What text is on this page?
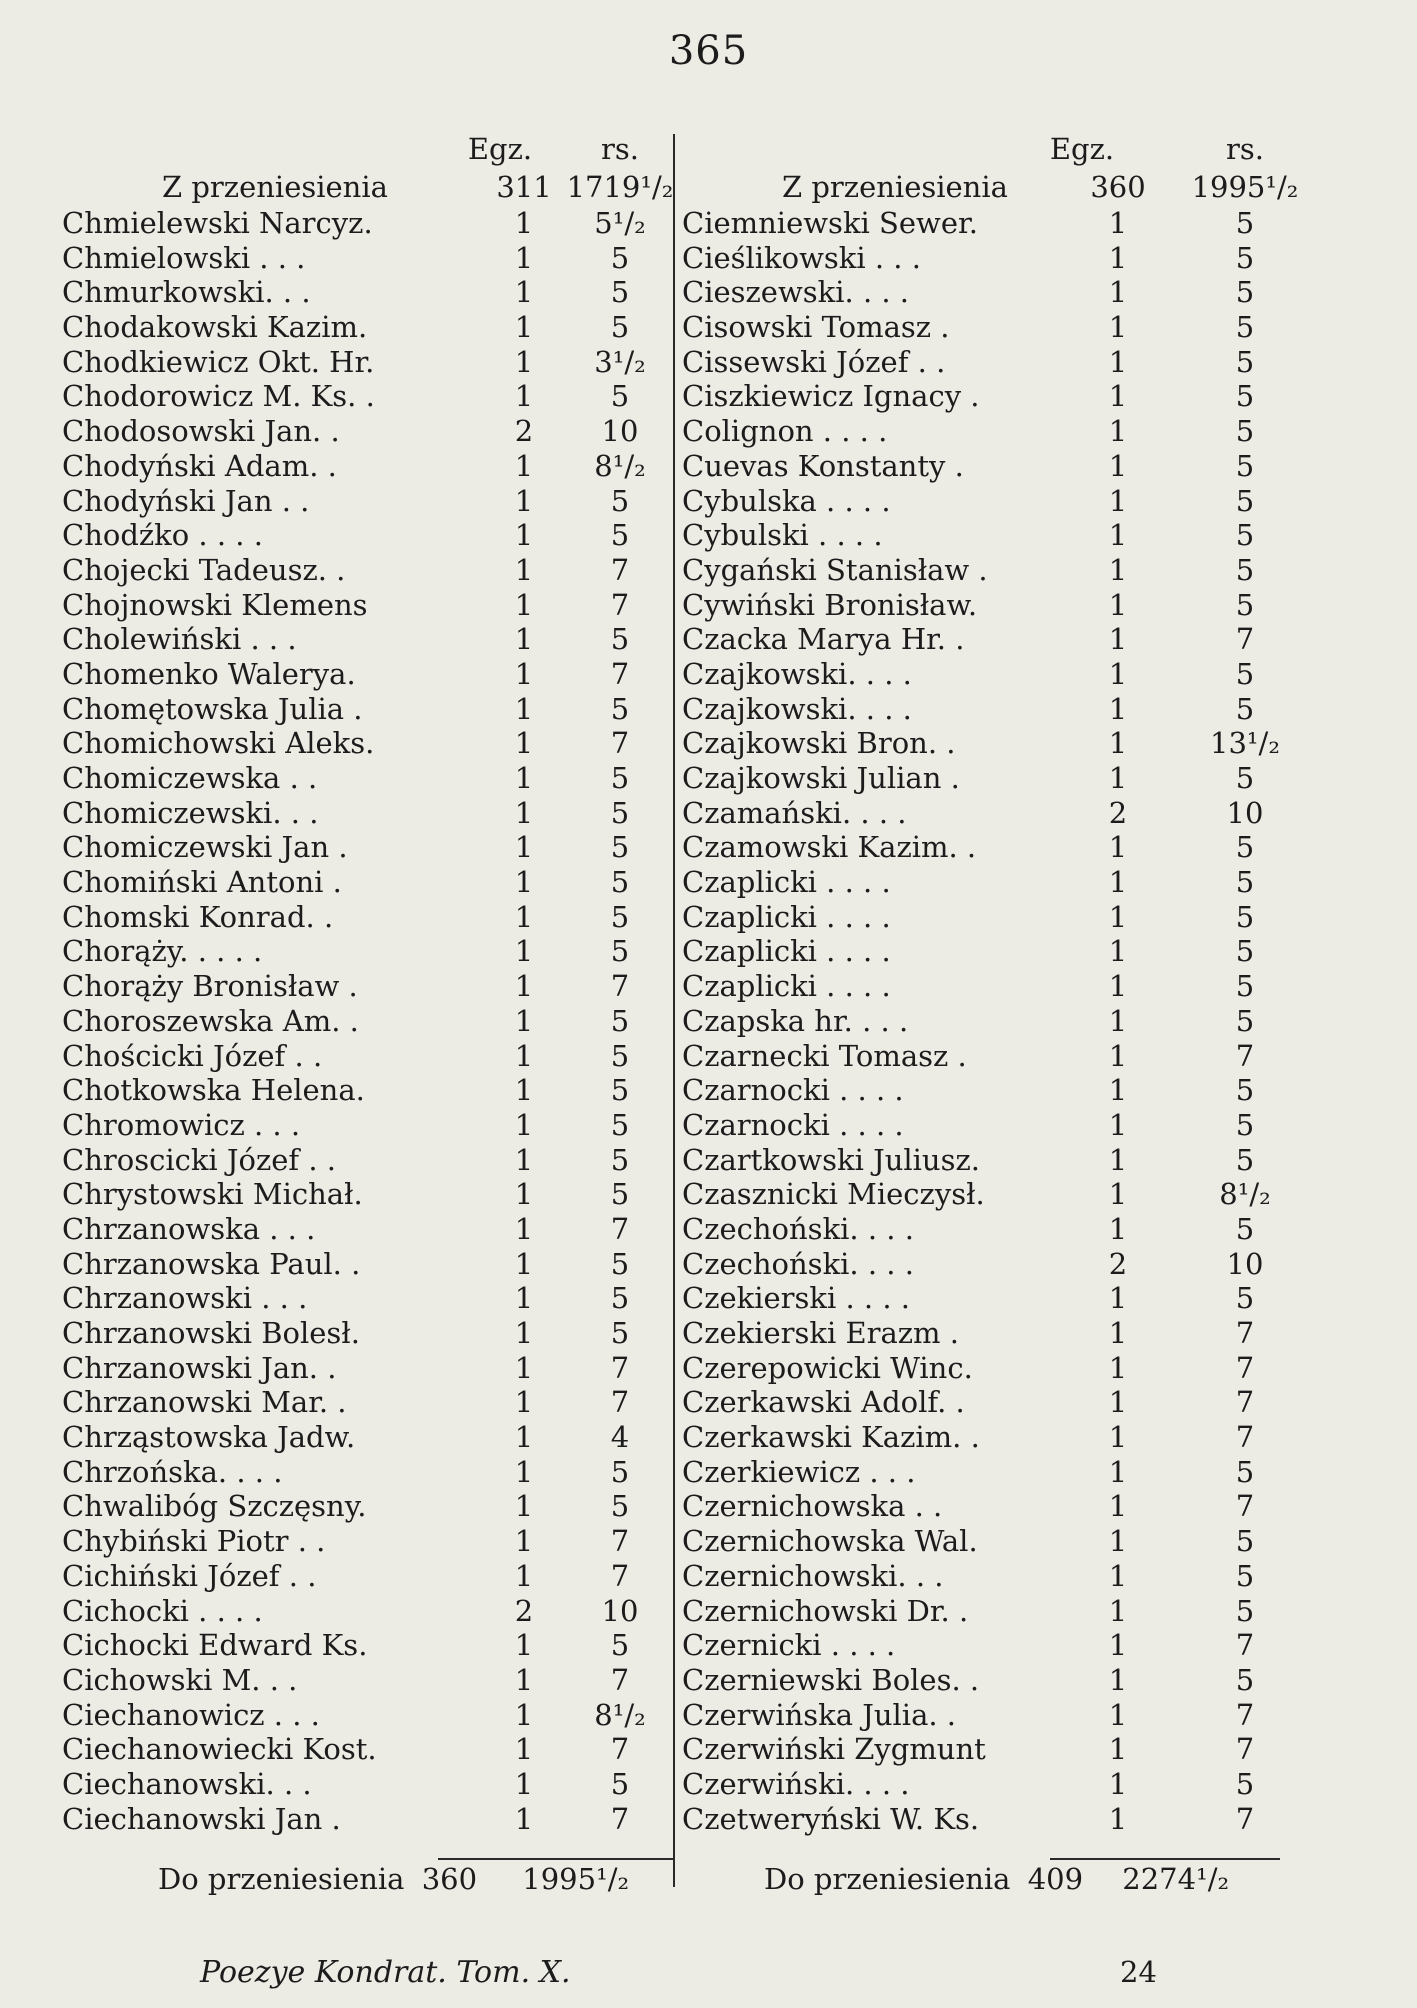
365
Egz.	rs.
Z przeniesienia	311 1719¹/₂
Chmielewski Narcyz.	1	5¹/₂
Chmielowski . . .	1	5
Chmurkowski. . .	1	5
Chodakowski Kazim.	1	5
Chodkiewicz Okt. Hr.	1	3¹/₂
Chodorowicz M. Ks. .	1	5
Chodosowski Jan. .	2	10
Chodyński Adam. .	1	8¹/₂
Chodyński Jan . .	1	5
Chodźko . . . .	1	5
Chojecki Tadeusz. .	1	7
Chojnowski Klemens	1	7
Cholewiński . . .	1	5
Chomenko Walerya.	1	7
Chomętowska Julia .	1	5
Chomichowski Aleks.	1	7
Chomiczewska . .	1	5
Chomiczewski. . .	1	5
Chomiczewski Jan .	1	5
Chomiński Antoni .	1	5
Chomski Konrad. .	1	5
Chorąży. . . . .	1	5
Chorąży Bronisław .	1	7
Choroszewska Am. .	1	5
Chościcki Józef . .	1	5
Chotkowska Helena.	1	5
Chromowicz . . .	1	5
Chroscicki Józef . .	1	5
Chrystowski Michał.	1	5
Chrzanowska . . .	1	7
Chrzanowska Paul. .	1	5
Chrzanowski . . .	1	5
Chrzanowski Bolesł.	1	5
Chrzanowski Jan. .	1	7
Chrzanowski Mar. .	1	7
Chrząstowska Jadw.	1	4
Chrzońska. . . .	1	5
Chwalibóg Szczęsny.	1	5
Chybiński Piotr . .	1	7
Cichiński Józef . .	1	7
Cichocki . . . .	2	10
Cichocki Edward Ks.	1	5
Cichowski M. . .	1	7
Ciechanowicz . . .	1	8¹/₂
Ciechanowiecki Kost.	1	7
Ciechanowski. . .	1	5
Ciechanowski Jan .	1	7
Egz.	rs.
Z przeniesienia	360 1995¹/₂
Ciemniewski Sewer.	1	5
Cieślikowski . . .	1	5
Cieszewski. . . .	1	5
Cisowski Tomasz .	1	5
Cissewski Józef . .	1	5
Ciszkiewicz Ignacy .	1	5
Colignon . . . .	1	5
Cuevas Konstanty .	1	5
Cybulska . . . .	1	5
Cybulski . . . .	1	5
Cygański Stanisław .	1	5
Cywiński Bronisław.	1	5
Czacka Marya Hr. .	1	7
Czajkowski. . . .	1	5
Czajkowski. . . .	1	5
Czajkowski Bron. .	1	13¹/₂
Czajkowski Julian .	1	5
Czamański. . . .	2	10
Czamowski Kazim. .	1	5
Czaplicki . . . .	1	5
Czaplicki . . . .	1	5
Czaplicki . . . .	1	5
Czaplicki . . . .	1	5
Czapska hr. . . .	1	5
Czarnecki Tomasz .	1	7
Czarnocki . . . .	1	5
Czarnocki . . . .	1	5
Czartkowski Juliusz.	1	5
Czasznicki Mieczysł.	1	8¹/₂
Czechoński. . . .	1	5
Czechoński. . . .	2	10
Czekierski . . . .	1	5
Czekierski Erazm .	1	7
Czerepowicki Winc.	1	7
Czerkawski Adolf. .	1	7
Czerkawski Kazim. .	1	7
Czerkiewicz . . .	1	5
Czernichowska . .	1	7
Czernichowska Wal.	1	5
Czernichowski. . .	1	5
Czernichowski Dr. .	1	5
Czernicki . . . .	1	7
Czerniewski Boles. .	1	5
Czerwińska Julia. .	1	7
Czerwiński Zygmunt	1	7
Czerwiński. . . .	1	5
Czetweryński W. Ks.	1	7
Do przeniesienia 360 1995¹/₂	Do przeniesienia 409 2274¹/₂
Poezye Kondrat. Tom. X.	24
